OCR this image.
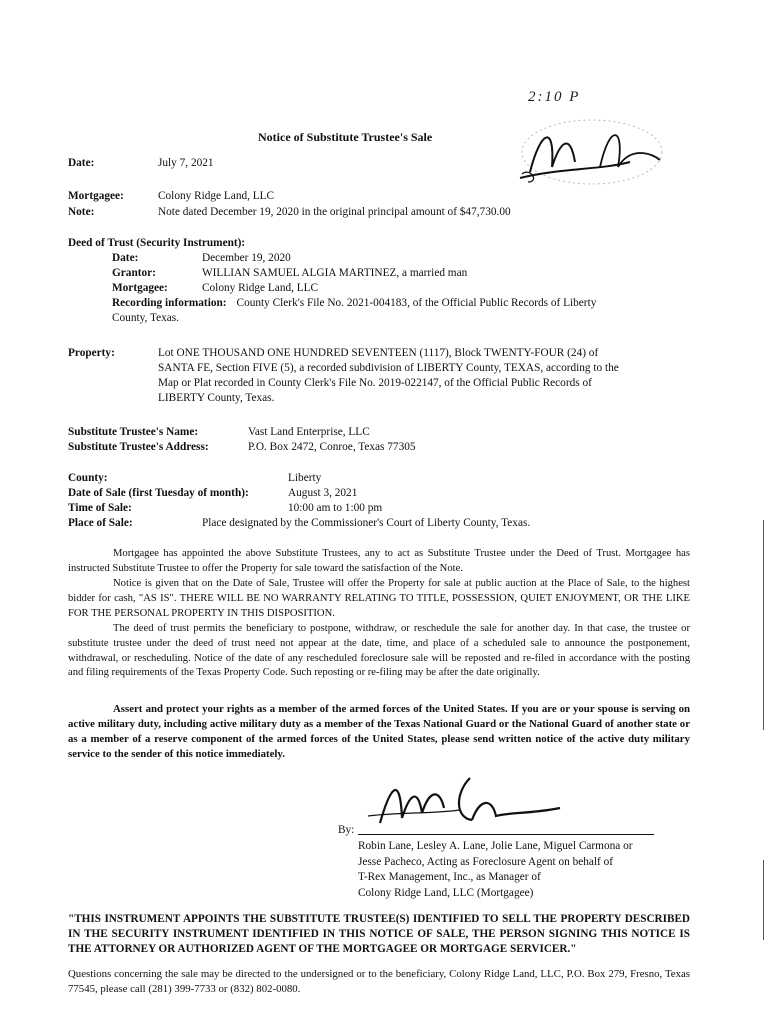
2:10 P
Notice of Substitute Trustee's Sale
Date:	July 7, 2021
Mortgagee:	Colony Ridge Land, LLC
Note:	Note dated December 19, 2020 in the original principal amount of $47,730.00
Deed of Trust (Security Instrument):
Date:	December 19, 2020
Grantor:	WILLIAN SAMUEL ALGIA MARTINEZ, a married man
Mortgagee:	Colony Ridge Land, LLC
Recording information: County Clerk's File No. 2021-004183, of the Official Public Records of Liberty
County, Texas.
Property:	Lot ONE THOUSAND ONE HUNDRED SEVENTEEN (1117), Block TWENTY-FOUR (24) of
SANTA FE, Section FIVE (5), a recorded subdivision of LIBERTY County, TEXAS, according to the
Map or Plat recorded in County Clerk's File No. 2019-022147, of the Official Public Records of
LIBERTY County, Texas.
Substitute Trustee's Name:	Vast Land Enterprise, LLC
Substitute Trustee's Address:	P.O. Box 2472, Conroe, Texas 77305
County:	Liberty
Date of Sale (first Tuesday of month):	August 3, 2021
Time of Sale:	10:00 am to 1:00 pm
Place of Sale:	Place designated by the Commissioner's Court of Liberty County, Texas.
Mortgagee has appointed the above Substitute Trustees, any to act as Substitute Trustee under the Deed of Trust. Mortgagee has instructed Substitute Trustee to offer the Property for sale toward the satisfaction of the Note.
Notice is given that on the Date of Sale, Trustee will offer the Property for sale at public auction at the Place of Sale, to the highest bidder for cash, "AS IS". THERE WILL BE NO WARRANTY RELATING TO TITLE, POSSESSION, QUIET ENJOYMENT, OR THE LIKE FOR THE PERSONAL PROPERTY IN THIS DISPOSITION.
The deed of trust permits the beneficiary to postpone, withdraw, or reschedule the sale for another day. In that case, the trustee or substitute trustee under the deed of trust need not appear at the date, time, and place of a scheduled sale to announce the postponement, withdrawal, or rescheduling. Notice of the date of any rescheduled foreclosure sale will be reposted and re-filed in accordance with the posting and filing requirements of the Texas Property Code. Such reposting or re-filing may be after the date originally.
Assert and protect your rights as a member of the armed forces of the United States. If you are or your spouse is serving on active military duty, including active military duty as a member of the Texas National Guard or the National Guard of another state or as a member of a reserve component of the armed forces of the United States, please send written notice of the active duty military service to the sender of this notice immediately.
By:
Robin Lane, Lesley A. Lane, Jolie Lane, Miguel Carmona or
Jesse Pacheco, Acting as Foreclosure Agent on behalf of
T-Rex Management, Inc., as Manager of
Colony Ridge Land, LLC (Mortgagee)
"THIS INSTRUMENT APPOINTS THE SUBSTITUTE TRUSTEE(S) IDENTIFIED TO SELL THE PROPERTY DESCRIBED IN THE SECURITY INSTRUMENT IDENTIFIED IN THIS NOTICE OF SALE, THE PERSON SIGNING THIS NOTICE IS THE ATTORNEY OR AUTHORIZED AGENT OF THE MORTGAGEE OR MORTGAGE SERVICER."
Questions concerning the sale may be directed to the undersigned or to the beneficiary, Colony Ridge Land, LLC, P.O. Box 279, Fresno, Texas 77545, please call (281) 399-7733 or (832) 802-0080.
